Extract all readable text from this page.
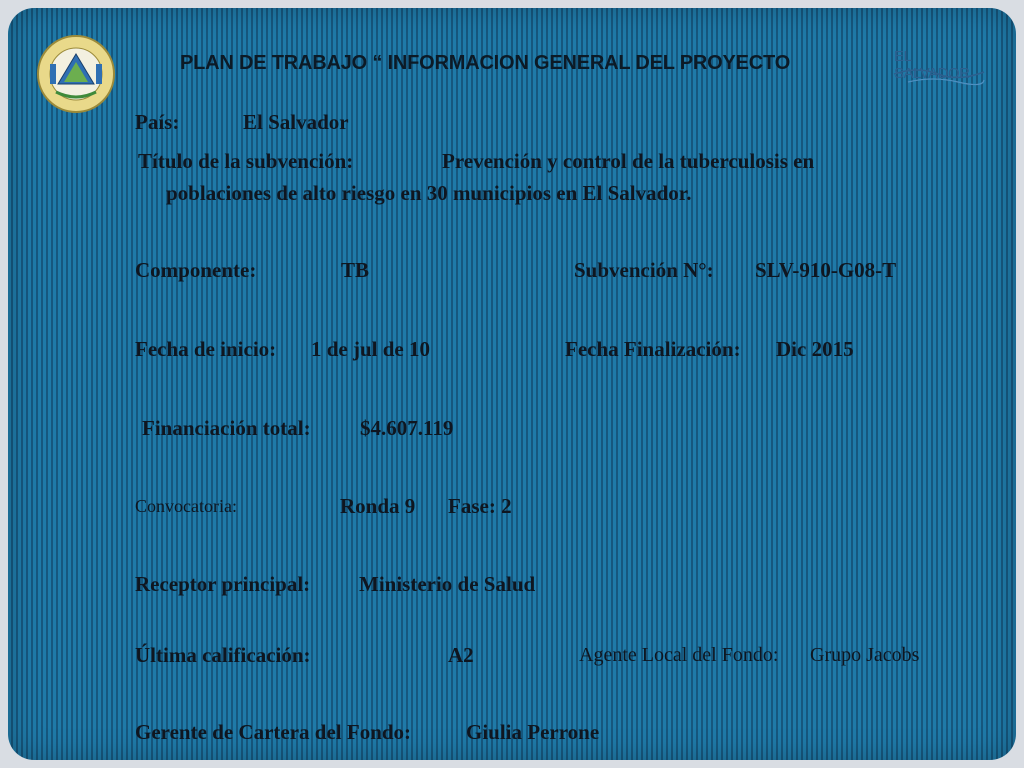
PLAN DE TRABAJO “ INFORMACION GENERAL DEL PROYECTO	EL SALVADOR
País:	El Salvador
Título de la subvención:	Prevención y control de la tuberculosis en
poblaciones de alto riesgo en 30 municipios en El Salvador.
Componente:	TB	Subvención N°: SLV-910-G08-T
Fecha de inicio: 1 de jul de 10	Fecha Finalización: Dic 2015
Financiación total: $4.607.119
Convocatoria:	Ronda 9 Fase: 2
Receptor principal: Ministerio de Salud
Última calificación:	A2	Agente Local del Fondo: Grupo Jacobs
Gerente de Cartera del Fondo:	Giulia Perrone
